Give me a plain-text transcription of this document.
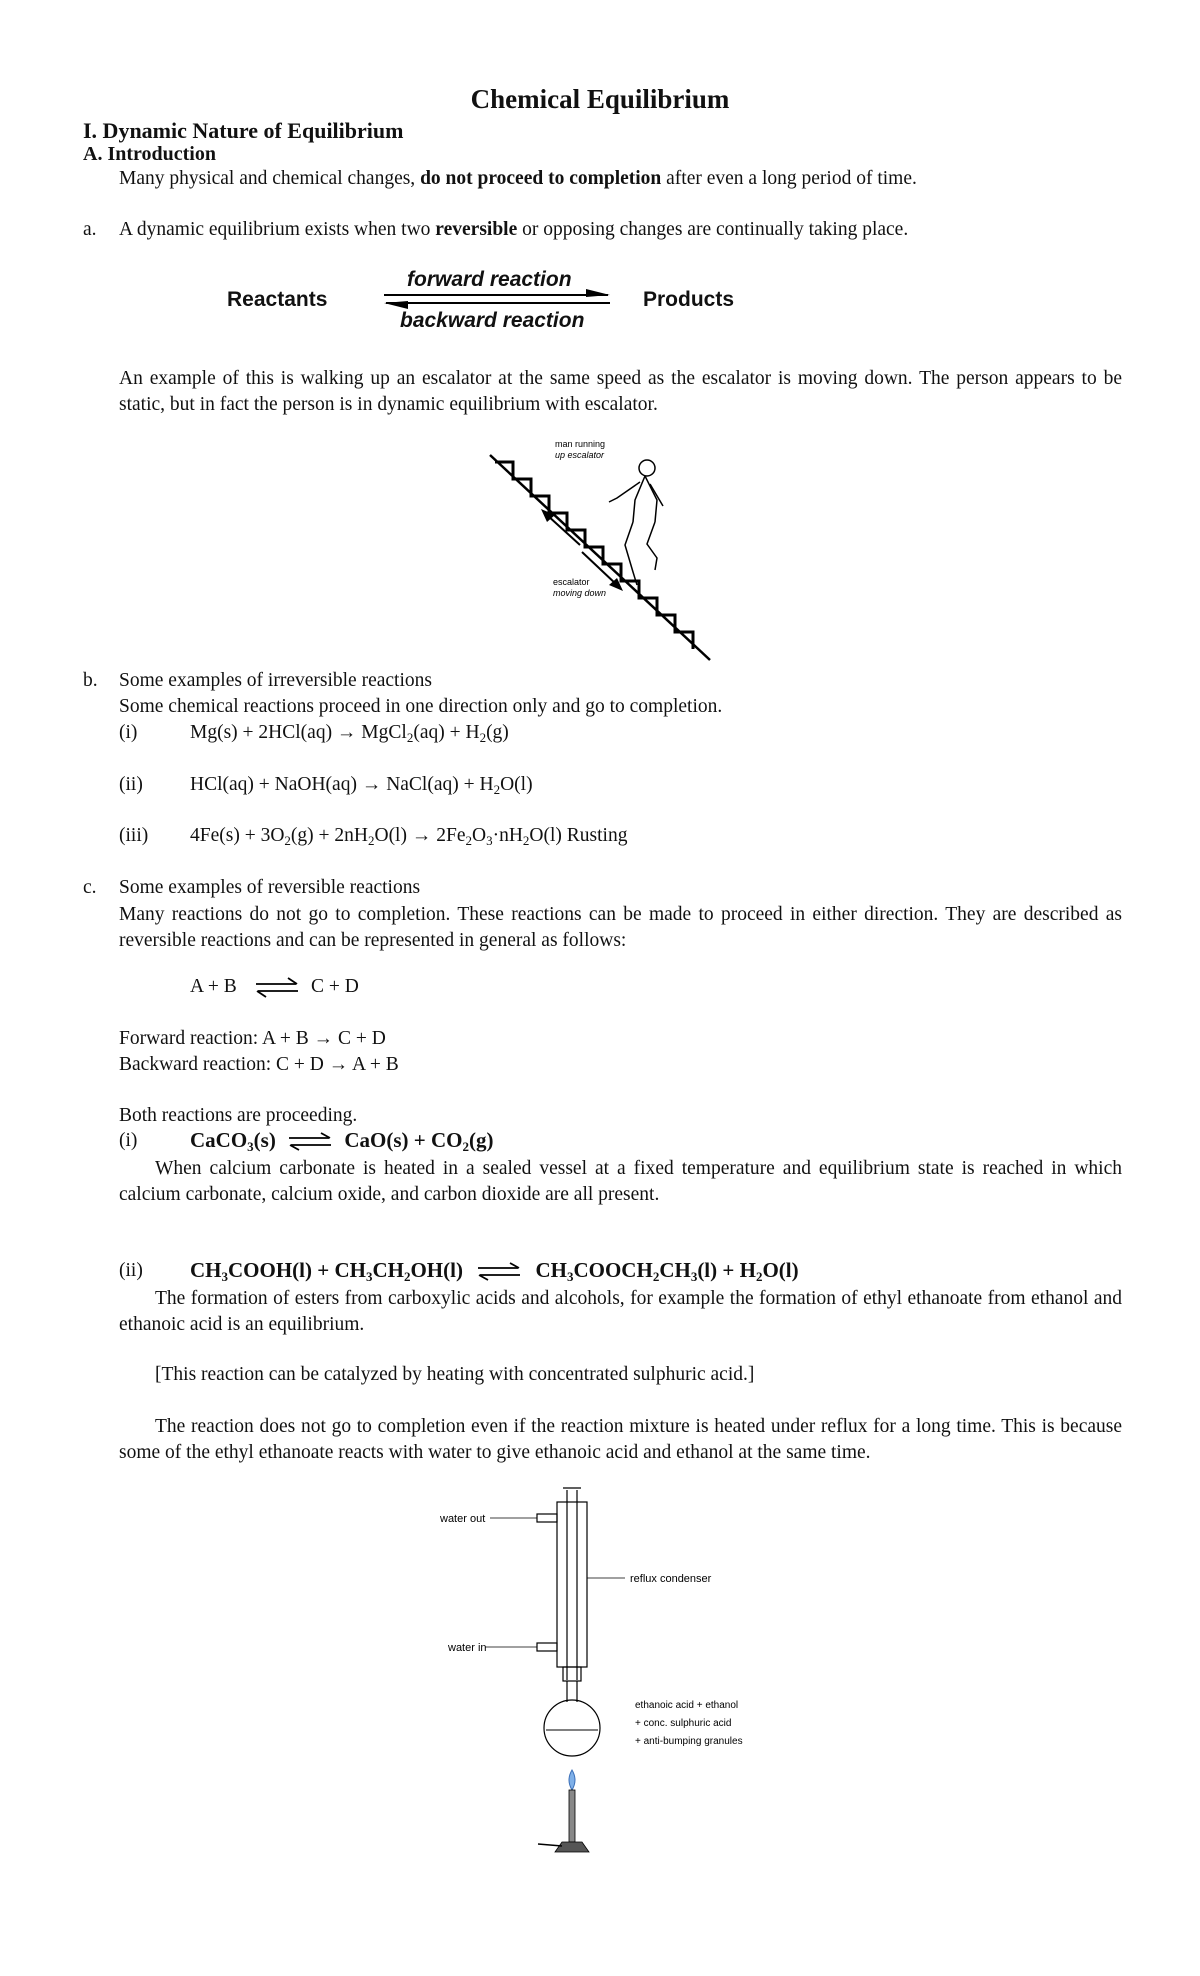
Chemical Equilibrium
I. Dynamic Nature of Equilibrium
A. Introduction
Many physical and chemical changes, do not proceed to completion after even a long period of time.
a. A dynamic equilibrium exists when two reversible or opposing changes are continually taking place.
Reactants	Products
forward reaction
backward reaction
An example of this is walking up an escalator at the same speed as the escalator is moving down. The person appears to be static, but in fact the person is in dynamic equilibrium with escalator.
man running
up escalator
escalator
moving down
b. Some examples of irreversible reactions
Some chemical reactions proceed in one direction only and go to completion.
(i)	Mg(s) + 2HCl(aq) → MgCl$_2$(aq) + $H_2(g)$
(ii) HCl(aq) + NaOH(aq) → NaCl(aq) + $H_2O(l)$
(iii) $4Fe(s) + 3O_2(g) + 2nH_2O(l) \to 2Fe_2O_3\cdot nH_2O(l)$ Rusting
c. Some examples of reversible reactions
Many reactions do not go to completion. These reactions can be made to proceed in either direction. They are described as reversible reactions and can be represented in general as follows:
A + B	C + D
Forward reaction: A + B → C + D
Backward reaction: C + D → A + B
Both reactions are proceeding.
(i)	CaCO$_3$(s)	$CaO(s) + CO_2(g)$
When calcium carbonate is heated in a sealed vessel at a fixed temperature and equilibrium state is reached in which calcium carbonate, calcium oxide, and carbon dioxide are all present.
(ii) $CH_3COOH(l) + CH_3CH_2OH(l)$	$CH_3COOCH_2CH_3(l) + H_2O(l)$
The formation of esters from carboxylic acids and alcohols, for example the formation of ethyl ethanoate from ethanol and ethanoic acid is an equilibrium.
[This reaction can be catalyzed by heating with concentrated sulphuric acid.]
The reaction does not go to completion even if the reaction mixture is heated under reflux for a long time. This is because some of the ethyl ethanoate reacts with water to give ethanoic acid and ethanol at the same time.
water out
water in
reflux condenser
ethanoic acid + ethanol
+ conc. sulphuric acid
+ anti-bumping granules
